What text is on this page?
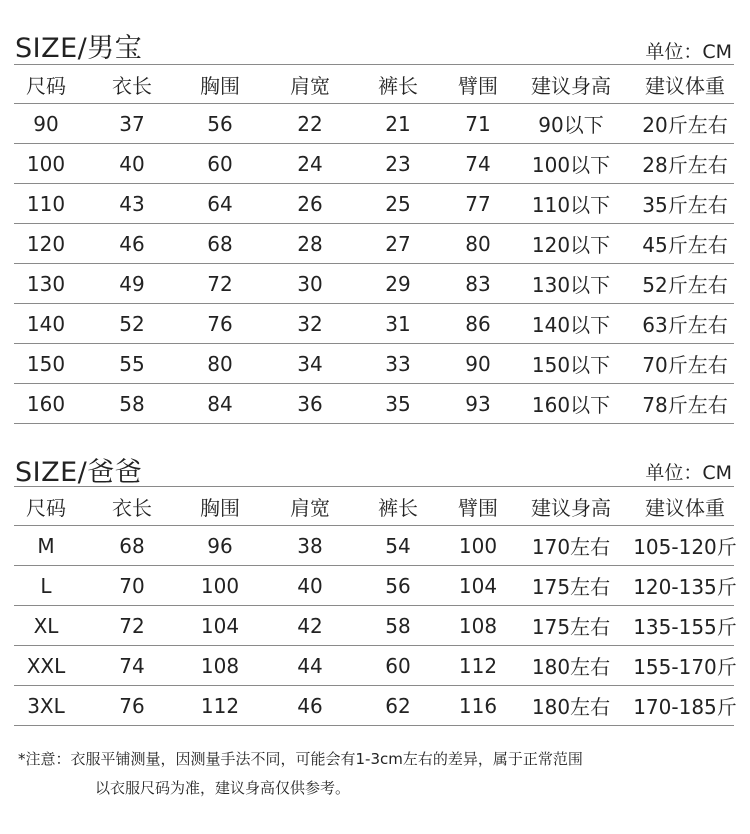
SIZE/男宝	单位：CM
尺码	衣长	胸围	肩宽	裤长	臂围	建议身高	建议体重
90	37	56	22	21	71	90以下	20斤左右
100	40	60	24	23	74	100以下	28斤左右
110	43	64	26	25	77	110以下	35斤左右
120	46	68	28	27	80	120以下	45斤左右
130	49	72	30	29	83	130以下	52斤左右
140	52	76	32	31	86	140以下	63斤左右
150	55	80	34	33	90	150以下	70斤左右
160	58	84	36	35	93	160以下	78斤左右
SIZE/爸爸	单位：CM
尺码	衣长	胸围	肩宽	裤长	臂围	建议身高	建议体重
M	68	96	38	54	100	170左右	105-120斤
L	70	100	40	56	104	175左右	120-135斤
XL	72	104	42	58	108	175左右	135-155斤
XXL	74	108	44	60	112	180左右	155-170斤
3XL	76	112	46	62	116	180左右	170-185斤
*注意：衣服平铺测量，因测量手法不同，可能会有1-3cm左右的差异，属于正常范围
以衣服尺码为准，建议身高仅供参考。
